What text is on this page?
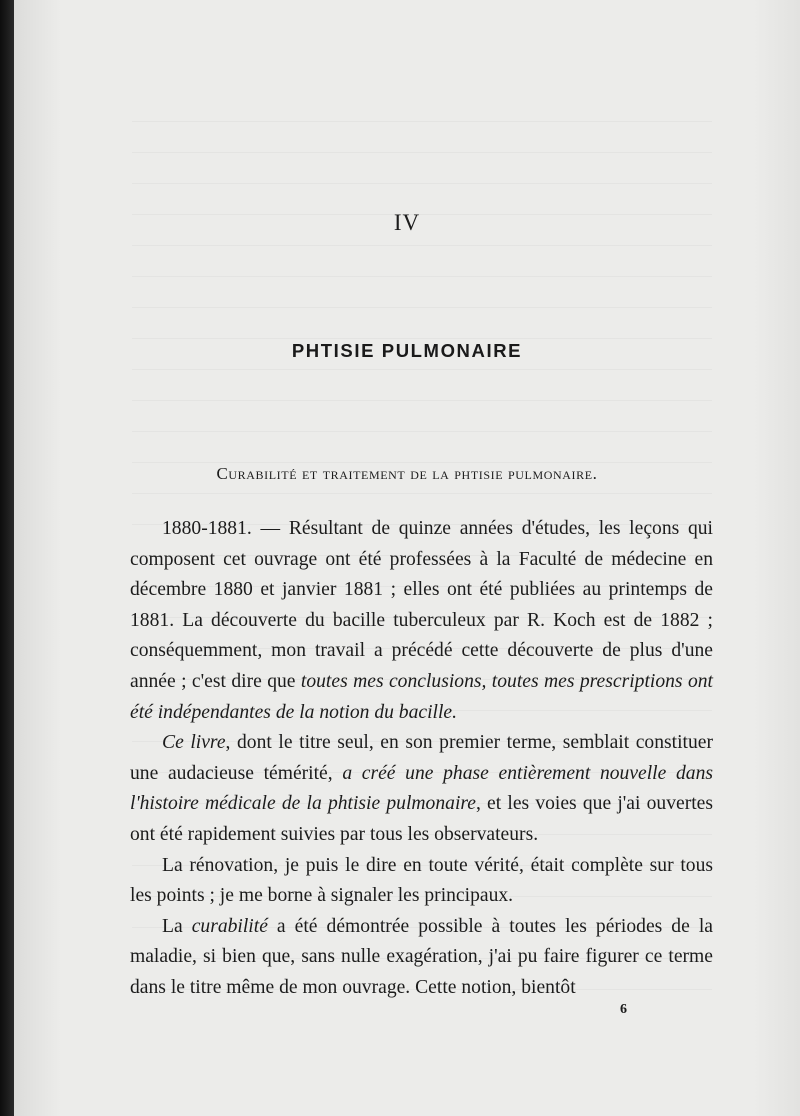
IV
PHTISIE PULMONAIRE
Curabilité et traitement de la phtisie pulmonaire.

1880-1881. — Résultant de quinze années d'études, les leçons qui composent cet ouvrage ont été professées à la Faculté de médecine en décembre 1880 et janvier 1881 ; elles ont été publiées au printemps de 1881. La découverte du bacille tuberculeux par R. Koch est de 1882 ; conséquemment, mon travail a précédé cette découverte de plus d'une année ; c'est dire que toutes mes conclusions, toutes mes prescriptions ont été indépendantes de la notion du bacille.

Ce livre, dont le titre seul, en son premier terme, semblait constituer une audacieuse témérité, a créé une phase entièrement nouvelle dans l'histoire médicale de la phtisie pulmonaire, et les voies que j'ai ouvertes ont été rapidement suivies par tous les observateurs.

La rénovation, je puis le dire en toute vérité, était complète sur tous les points ; je me borne à signaler les principaux.

La curabilité a été démontrée possible à toutes les périodes de la maladie, si bien que, sans nulle exagération, j'ai pu faire figurer ce terme dans le titre même de mon ouvrage. Cette notion, bientôt

6
